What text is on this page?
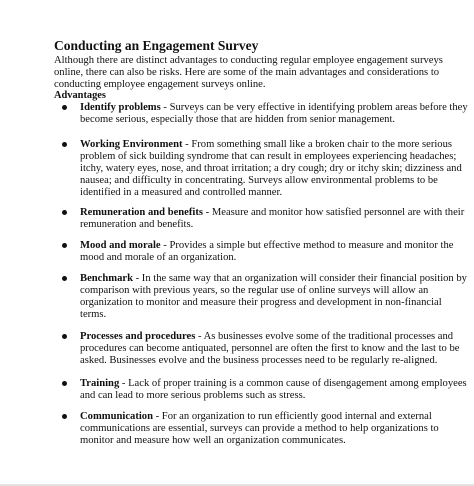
Conducting an Engagement Survey
Although there are distinct advantages to conducting regular employee engagement surveys online, there can also be risks. Here are some of the main advantages and considerations to conducting employee engagement surveys online.
Advantages
Identify problems - Surveys can be very effective in identifying problem areas before they become serious, especially those that are hidden from senior management.
Working Environment - From something small like a broken chair to the more serious problem of sick building syndrome that can result in employees experiencing headaches; itchy, watery eyes, nose, and throat irritation; a dry cough; dry or itchy skin; dizziness and nausea; and difficulty in concentrating. Surveys allow environmental problems to be identified in a measured and controlled manner.
Remuneration and benefits - Measure and monitor how satisfied personnel are with their remuneration and benefits.
Mood and morale - Provides a simple but effective method to measure and monitor the mood and morale of an organization.
Benchmark - In the same way that an organization will consider their financial position by comparison with previous years, so the regular use of online surveys will allow an organization to monitor and measure their progress and development in non-financial terms.
Processes and procedures - As businesses evolve some of the traditional processes and procedures can become antiquated, personnel are often the first to know and the last to be asked. Businesses evolve and the business processes need to be regularly re-aligned.
Training - Lack of proper training is a common cause of disengagement among employees and can lead to more serious problems such as stress.
Communication - For an organization to run efficiently good internal and external communications are essential, surveys can provide a method to help organizations to monitor and measure how well an organization communicates.
